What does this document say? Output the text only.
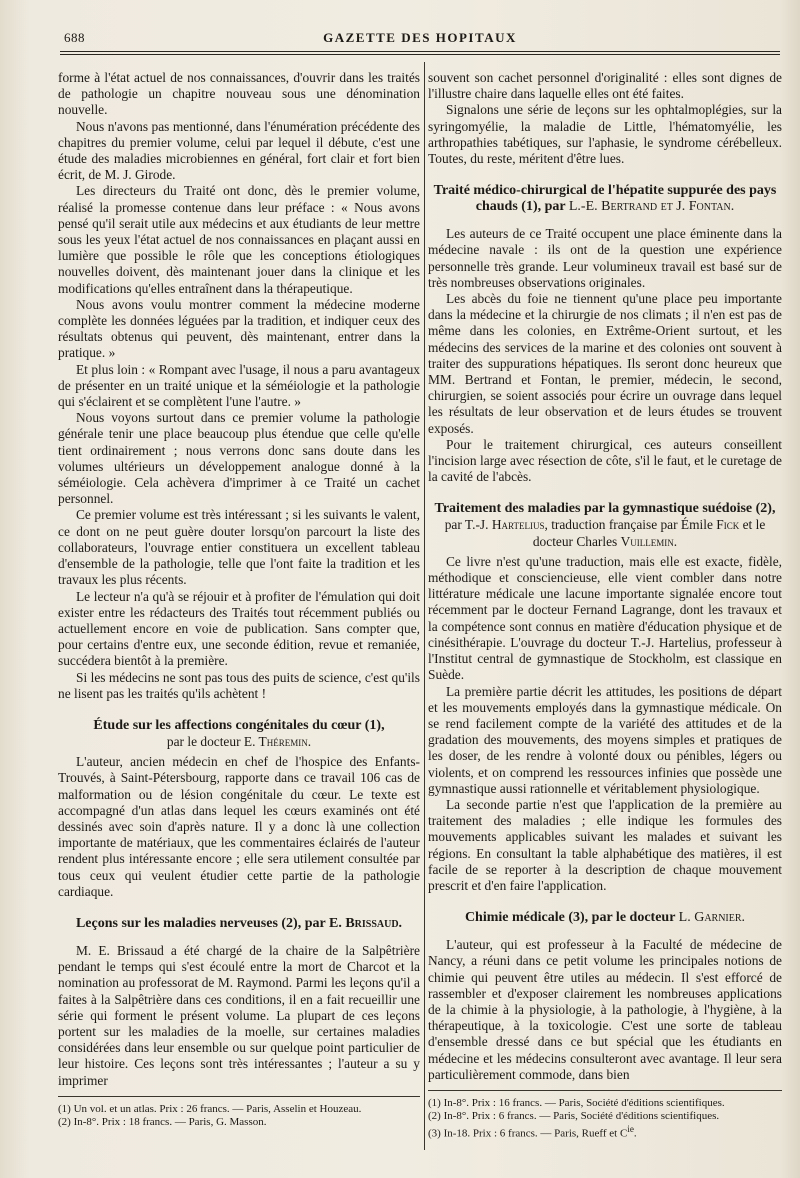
688	GAZETTE DES HOPITAUX

forme à l'état actuel de nos connaissances, d'ouvrir dans les traités de pathologie un chapitre nouveau sous une dénomination nouvelle.

Nous n'avons pas mentionné, dans l'énumération précédente des chapitres du premier volume, celui par lequel il débute, c'est une étude des maladies microbiennes en général, fort clair et fort bien écrit, de M. J. Girode.

Les directeurs du Traité ont donc, dès le premier volume, réalisé la promesse contenue dans leur préface : « Nous avons pensé qu'il serait utile aux médecins et aux étudiants de leur mettre sous les yeux l'état actuel de nos connaissances en plaçant aussi en lumière que possible le rôle que les conceptions étiologiques nouvelles doivent, dès maintenant jouer dans la clinique et les modifications qu'elles entraînent dans la thérapeutique.

Nous avons voulu montrer comment la médecine moderne complète les données léguées par la tradition, et indiquer ceux des résultats obtenus qui peuvent, dès maintenant, entrer dans la pratique. »

Et plus loin : « Rompant avec l'usage, il nous a paru avantageux de présenter en un traité unique et la séméiologie et la pathologie qui s'éclairent et se complètent l'une l'autre. »

Nous voyons surtout dans ce premier volume la pathologie générale tenir une place beaucoup plus étendue que celle qu'elle tient ordinairement ; nous verrons donc sans doute dans les volumes ultérieurs un développement analogue donné à la séméiologie. Cela achèvera d'imprimer à ce Traité un cachet personnel.

Ce premier volume est très intéressant ; si les suivants le valent, ce dont on ne peut guère douter lorsqu'on parcourt la liste des collaborateurs, l'ouvrage entier constituera un excellent tableau d'ensemble de la pathologie, telle que l'ont faite la tradition et les travaux les plus récents.

Le lecteur n'a qu'à se réjouir et à profiter de l'émulation qui doit exister entre les rédacteurs des Traités tout récemment publiés ou actuellement encore en voie de publication. Sans compter que, pour certains d'entre eux, une seconde édition, revue et remaniée, succédera bientôt à la première.

Si les médecins ne sont pas tous des puits de science, c'est qu'ils ne lisent pas les traités qu'ils achètent !

Étude sur les affections congénitales du cœur (1),
par le docteur E. Théremin.

L'auteur, ancien médecin en chef de l'hospice des Enfants-Trouvés, à Saint-Pétersbourg, rapporte dans ce travail 106 cas de malformation ou de lésion congénitale du cœur. Le texte est accompagné d'un atlas dans lequel les cœurs examinés ont été dessinés avec soin d'après nature. Il y a donc là une collection importante de matériaux, que les commentaires éclairés de l'auteur rendent plus intéressante encore ; elle sera utilement consultée par tous ceux qui veulent étudier cette partie de la pathologie cardiaque.

Leçons sur les maladies nerveuses (2), par E. Brissaud.

M. E. Brissaud a été chargé de la chaire de la Salpêtrière pendant le temps qui s'est écoulé entre la mort de Charcot et la nomination au professorat de M. Raymond. Parmi les leçons qu'il a faites à la Salpêtrière dans ces conditions, il en a fait recueillir une série qui forment le présent volume. La plupart de ces leçons portent sur les maladies de la moelle, sur certaines maladies considérées dans leur ensemble ou sur quelque point particulier de leur histoire. Ces leçons sont très intéressantes ; l'auteur a su y imprimer

(1) Un vol. et un atlas. Prix : 26 francs. — Paris, Asselin et Houzeau.
(2) In-8°. Prix : 18 francs. — Paris, G. Masson.

souvent son cachet personnel d'originalité : elles sont dignes de l'illustre chaire dans laquelle elles ont été faites.

Signalons une série de leçons sur les ophtalmoplégies, sur la syringomyélie, la maladie de Little, l'hématomyélie, les arthropathies tabétiques, sur l'aphasie, le syndrome cérébelleux. Toutes, du reste, méritent d'être lues.

Traité médico-chirurgical de l'hépatite suppurée des pays chauds (1), par L.-E. Bertrand et J. Fontan.

Les auteurs de ce Traité occupent une place éminente dans la médecine navale : ils ont de la question une expérience personnelle très grande. Leur volumineux travail est basé sur de très nombreuses observations originales.

Les abcès du foie ne tiennent qu'une place peu importante dans la médecine et la chirurgie de nos climats ; il n'en est pas de même dans les colonies, en Extrême-Orient surtout, et les médecins des services de la marine et des colonies ont souvent à traiter des suppurations hépatiques. Ils seront donc heureux que MM. Bertrand et Fontan, le premier, médecin, le second, chirurgien, se soient associés pour écrire un ouvrage dans lequel les résultats de leur observation et de leurs études se trouvent exposés.

Pour le traitement chirurgical, ces auteurs conseillent l'incision large avec résection de côte, s'il le faut, et le curetage de la cavité de l'abcès.

Traitement des maladies par la gymnastique suédoise (2),
par T.-J. Hartelius, traduction française par Émile Fick et le docteur Charles Vuillemin.

Ce livre n'est qu'une traduction, mais elle est exacte, fidèle, méthodique et consciencieuse, elle vient combler dans notre littérature médicale une lacune importante signalée encore tout récemment par le docteur Fernand Lagrange, dont les travaux et la compétence sont connus en matière d'éducation physique et de cinésithérapie. L'ouvrage du docteur T.-J. Hartelius, professeur à l'Institut central de gymnastique de Stockholm, est classique en Suède.

La première partie décrit les attitudes, les positions de départ et les mouvements employés dans la gymnastique médicale. On se rend facilement compte de la variété des attitudes et de la gradation des mouvements, des moyens simples et pratiques de les doser, de les rendre à volonté doux ou pénibles, légers ou violents, et on comprend les ressources infinies que possède une gymnastique aussi rationnelle et véritablement physiologique.

La seconde partie n'est que l'application de la première au traitement des maladies ; elle indique les formules des mouvements applicables suivant les malades et suivant les régions. En consultant la table alphabétique des matières, il est facile de se reporter à la description de chaque mouvement prescrit et d'en faire l'application.

Chimie médicale (3), par le docteur L. Garnier.

L'auteur, qui est professeur à la Faculté de médecine de Nancy, a réuni dans ce petit volume les principales notions de chimie qui peuvent être utiles au médecin. Il s'est efforcé de rassembler et d'exposer clairement les nombreuses applications de la chimie à la physiologie, à la pathologie, à l'hygiène, à la thérapeutique, à la toxicologie. C'est une sorte de tableau d'ensemble dressé dans ce but spécial que les étudiants en médecine et les médecins consulteront avec avantage. Il leur sera particulièrement commode, dans bien

(1) In-8°. Prix : 16 francs. — Paris, Société d'éditions scientifiques.
(2) In-8°. Prix : 6 francs. — Paris, Société d'éditions scientifiques.
(3) In-18. Prix : 6 francs. — Paris, Rueff et $C^{ie}$.
